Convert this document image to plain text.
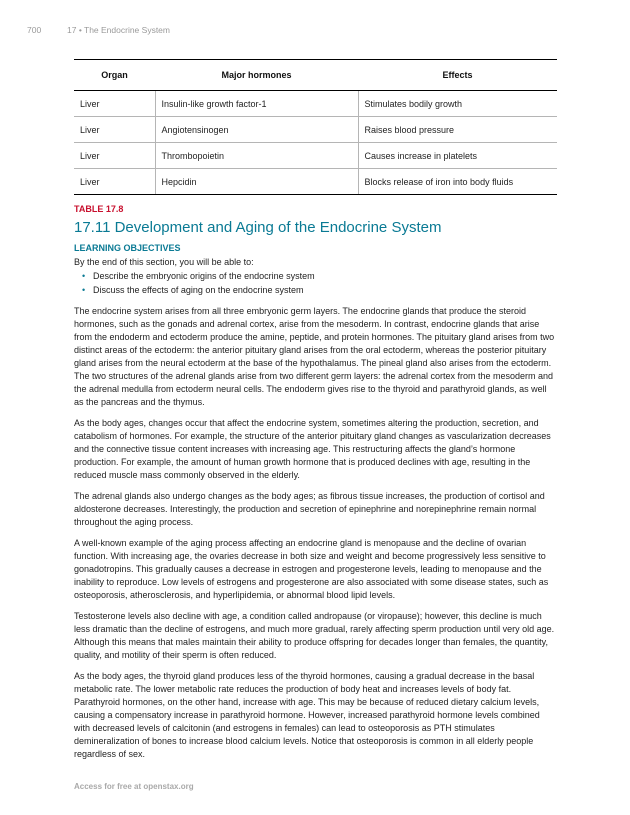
700	17 • The Endocrine System
Organ	Major hormones	Effects
Liver	Insulin-like growth factor-1	Stimulates bodily growth
Liver	Angiotensinogen	Raises blood pressure
Liver	Thrombopoietin	Causes increase in platelets
Liver	Hepcidin	Blocks release of iron into body fluids
TABLE 17.8
17.11 Development and Aging of the Endocrine System
LEARNING OBJECTIVES
By the end of this section, you will be able to:
• Describe the embryonic origins of the endocrine system
• Discuss the effects of aging on the endocrine system

The endocrine system arises from all three embryonic germ layers. The endocrine glands that produce the steroid hormones, such as the gonads and adrenal cortex, arise from the mesoderm. In contrast, endocrine glands that arise from the endoderm and ectoderm produce the amine, peptide, and protein hormones. The pituitary gland arises from two distinct areas of the ectoderm: the anterior pituitary gland arises from the oral ectoderm, whereas the posterior pituitary gland arises from the neural ectoderm at the base of the hypothalamus. The pineal gland also arises from the ectoderm. The two structures of the adrenal glands arise from two different germ layers: the adrenal cortex from the mesoderm and the adrenal medulla from ectoderm neural cells. The endoderm gives rise to the thyroid and parathyroid glands, as well as the pancreas and the thymus.

As the body ages, changes occur that affect the endocrine system, sometimes altering the production, secretion, and catabolism of hormones. For example, the structure of the anterior pituitary gland changes as vascularization decreases and the connective tissue content increases with increasing age. This restructuring affects the gland’s hormone production. For example, the amount of human growth hormone that is produced declines with age, resulting in the reduced muscle mass commonly observed in the elderly.

The adrenal glands also undergo changes as the body ages; as fibrous tissue increases, the production of cortisol and aldosterone decreases. Interestingly, the production and secretion of epinephrine and norepinephrine remain normal throughout the aging process.

A well-known example of the aging process affecting an endocrine gland is menopause and the decline of ovarian function. With increasing age, the ovaries decrease in both size and weight and become progressively less sensitive to gonadotropins. This gradually causes a decrease in estrogen and progesterone levels, leading to menopause and the inability to reproduce. Low levels of estrogens and progesterone are also associated with some disease states, such as osteoporosis, atherosclerosis, and hyperlipidemia, or abnormal blood lipid levels.

Testosterone levels also decline with age, a condition called andropause (or viropause); however, this decline is much less dramatic than the decline of estrogens, and much more gradual, rarely affecting sperm production until very old age. Although this means that males maintain their ability to produce offspring for decades longer than females, the quantity, quality, and motility of their sperm is often reduced.

As the body ages, the thyroid gland produces less of the thyroid hormones, causing a gradual decrease in the basal metabolic rate. The lower metabolic rate reduces the production of body heat and increases levels of body fat. Parathyroid hormones, on the other hand, increase with age. This may be because of reduced dietary calcium levels, causing a compensatory increase in parathyroid hormone. However, increased parathyroid hormone levels combined with decreased levels of calcitonin (and estrogens in females) can lead to osteoporosis as PTH stimulates demineralization of bones to increase blood calcium levels. Notice that osteoporosis is common in all elderly people regardless of sex.

Access for free at openstax.org
